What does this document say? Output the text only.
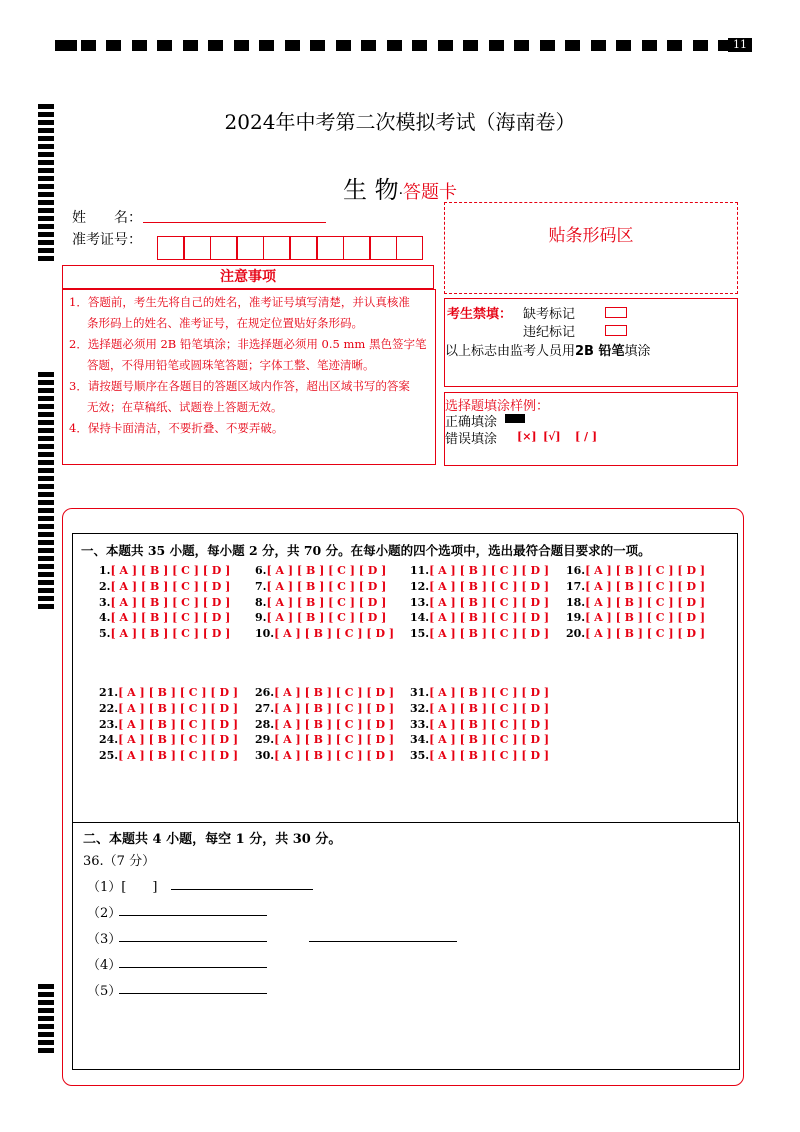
11
2024年中考第二次模拟考试（海南卷）
生 物·答题卡
姓　　名：
准考证号：
注意事项
1．答题前，考生先将自己的姓名，准考证号填写清楚，并认真核准
条形码上的姓名、准考证号，在规定位置贴好条形码。
2．选择题必须用 2B 铅笔填涂；非选择题必须用 0.5 mm 黑色签字笔
答题，不得用铅笔或圆珠笔答题；字体工整、笔迹清晰。
3．请按题号顺序在各题目的答题区域内作答，超出区域书写的答案
无效；在草稿纸、试题卷上答题无效。
4．保持卡面清洁，不要折叠、不要弄破。
贴条形码区
考生禁填： 缺考标记
违纪标记
以上标志由监考人员用2B 铅笔填涂
选择题填涂样例：
正确填涂
错误填涂 [×] [√] [ / ]
一、本题共 35 小题，每小题 2 分，共 70 分。在每小题的四个选项中，选出最符合题目要求的一项。
1.[ A ] [ B ] [ C ] [ D ]
2.[ A ] [ B ] [ C ] [ D ]
3.[ A ] [ B ] [ C ] [ D ]
4.[ A ] [ B ] [ C ] [ D ]
5.[ A ] [ B ] [ C ] [ D ]
6.[ A ] [ B ] [ C ] [ D ]
7.[ A ] [ B ] [ C ] [ D ]
8.[ A ] [ B ] [ C ] [ D ]
9.[ A ] [ B ] [ C ] [ D ]
10.[ A ] [ B ] [ C ] [ D ]
11.[ A ] [ B ] [ C ] [ D ]
12.[ A ] [ B ] [ C ] [ D ]
13.[ A ] [ B ] [ C ] [ D ]
14.[ A ] [ B ] [ C ] [ D ]
15.[ A ] [ B ] [ C ] [ D ]
16.[ A ] [ B ] [ C ] [ D ]
17.[ A ] [ B ] [ C ] [ D ]
18.[ A ] [ B ] [ C ] [ D ]
19.[ A ] [ B ] [ C ] [ D ]
20.[ A ] [ B ] [ C ] [ D ]
21.[ A ] [ B ] [ C ] [ D ]
22.[ A ] [ B ] [ C ] [ D ]
23.[ A ] [ B ] [ C ] [ D ]
24.[ A ] [ B ] [ C ] [ D ]
25.[ A ] [ B ] [ C ] [ D ]
26.[ A ] [ B ] [ C ] [ D ]
27.[ A ] [ B ] [ C ] [ D ]
28.[ A ] [ B ] [ C ] [ D ]
29.[ A ] [ B ] [ C ] [ D ]
30.[ A ] [ B ] [ C ] [ D ]
31.[ A ] [ B ] [ C ] [ D ]
32.[ A ] [ B ] [ C ] [ D ]
33.[ A ] [ B ] [ C ] [ D ]
34.[ A ] [ B ] [ C ] [ D ]
35.[ A ] [ B ] [ C ] [ D ]
二、本题共 4 小题，每空 1 分，共 30 分。
36.（7 分）
（1）[　　]
（2）
（3）
（4）
（5）
